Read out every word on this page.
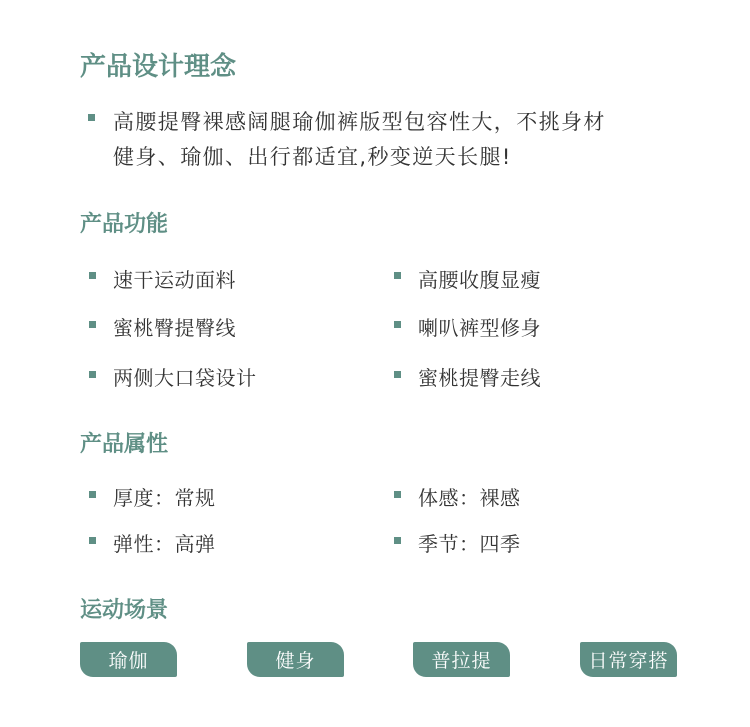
产品设计理念
高腰提臀裸感阔腿瑜伽裤版型包容性大，不挑身材
健身、瑜伽、出行都适宜,秒变逆天长腿!
产品功能
速干运动面料	高腰收腹显瘦
蜜桃臀提臀线	喇叭裤型修身
两侧大口袋设计	蜜桃提臀走线
产品属性
厚度：常规	体感：裸感
弹性：高弹	季节：四季
运动场景
瑜伽	健身	普拉提	日常穿搭
